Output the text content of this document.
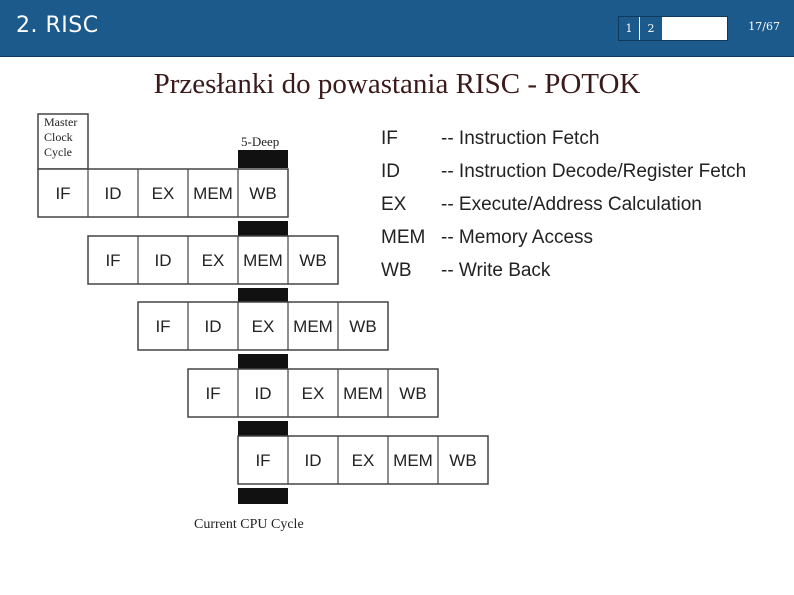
2. RISC	1	2	17/67
Przesłanki do powastania RISC - POTOK
Master
Clock
Cycle
5-Deep
IF ID EX MEM WB
IF ID EX MEM WB
IF ID EX MEM WB
IF ID EX MEM WB
IF ID EX MEM WB
Current CPU Cycle
IF -- Instruction Fetch
ID -- Instruction Decode/Register Fetch
EX -- Execute/Address Calculation
MEM -- Memory Access
WB -- Write Back
